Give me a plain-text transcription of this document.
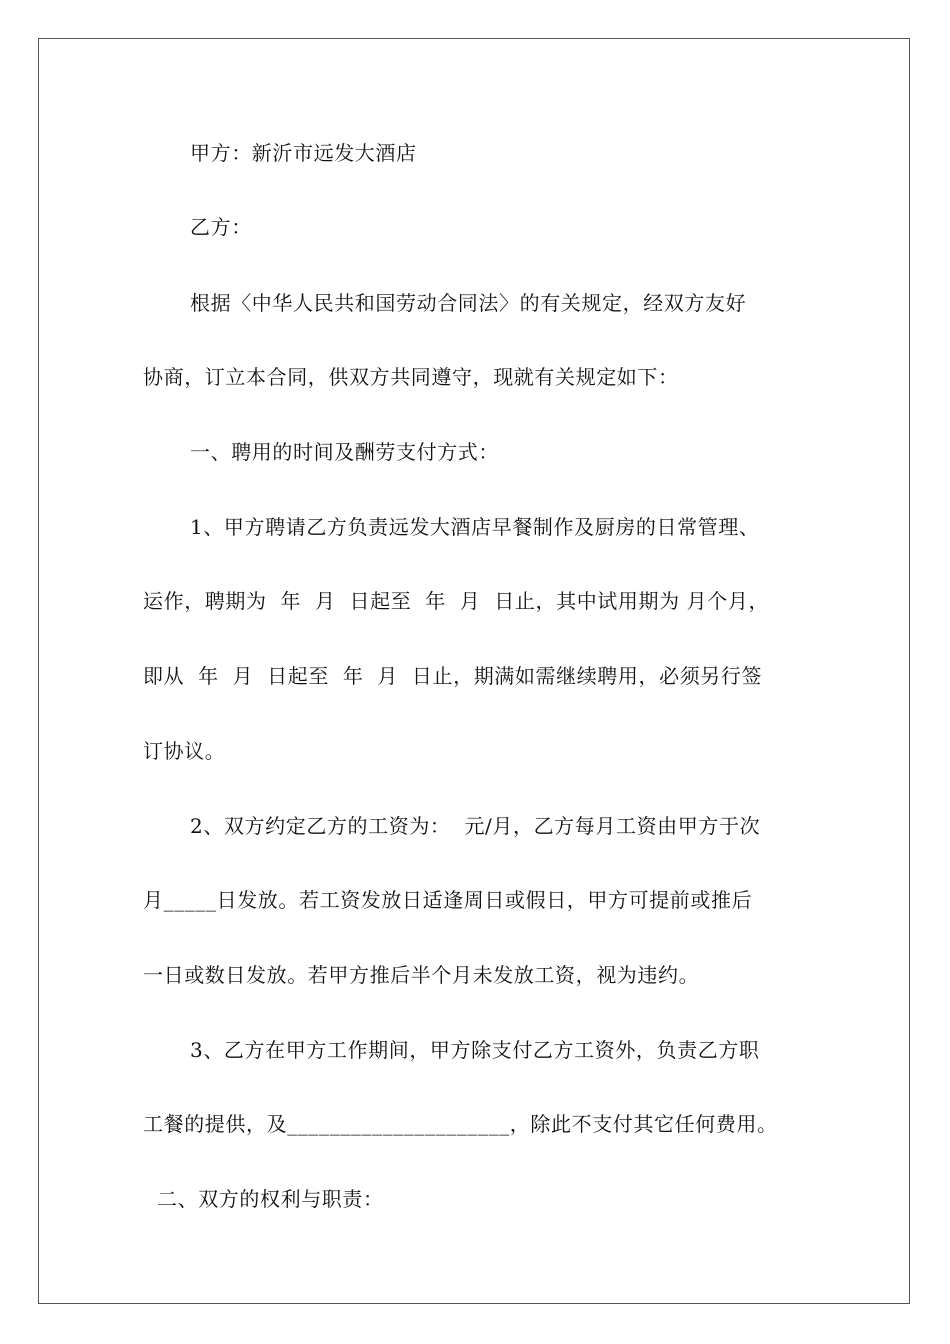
甲方：新沂市远发大酒店
乙方：
根据〈中华人民共和国劳动合同法〉的有关规定，经双方友好
协商，订立本合同，供双方共同遵守，现就有关规定如下：
一、聘用的时间及酬劳支付方式：
1、甲方聘请乙方负责远发大酒店早餐制作及厨房的日常管理、
运作，聘期为  年  月  日起至  年  月  日止，其中试用期为 月个月，
即从  年  月  日起至  年  月  日止，期满如需继续聘用，必须另行签
订协议。
2、双方约定乙方的工资为：  元/月，乙方每月工资由甲方于次
月_____日发放。若工资发放日适逢周日或假日，甲方可提前或推后
一日或数日发放。若甲方推后半个月未发放工资，视为违约。
3、乙方在甲方工作期间，甲方除支付乙方工资外，负责乙方职
工餐的提供，及_____________________，除此不支付其它任何费用。
二、双方的权利与职责：
